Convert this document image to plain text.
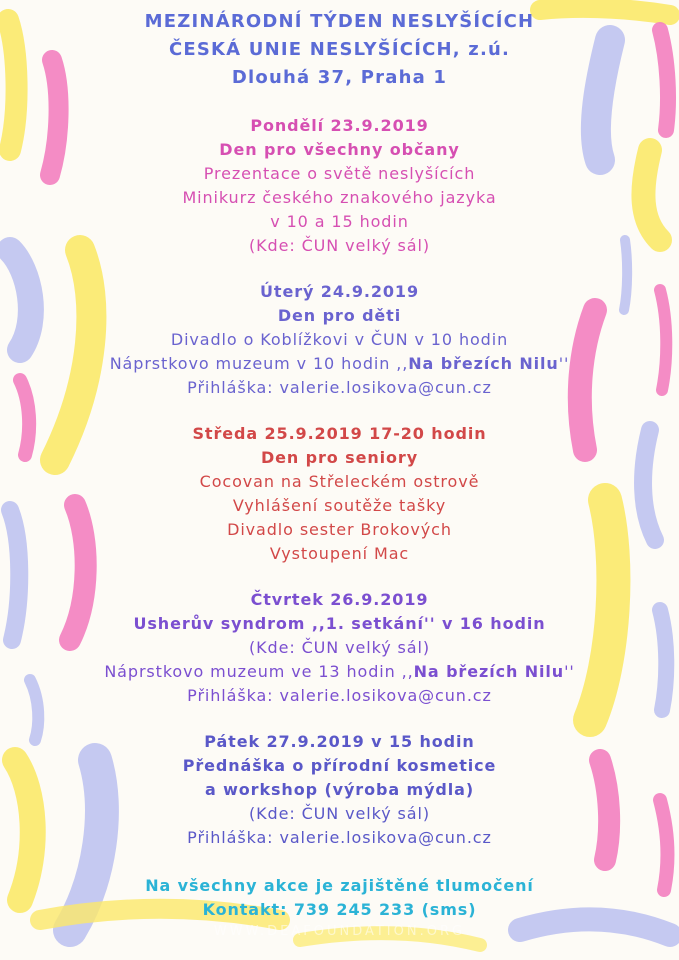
MEZINÁRODNÍ TÝDEN NESLYŠÍCÍCH
ČESKÁ UNIE NESLYŠÍCÍCH, z.ú.
Dlouhá 37, Praha 1
Pondělí 23.9.2019
Den pro všechny občany
Prezentace o světě neslyšících
Minikurz českého znakového jazyka
v 10 a 15 hodin
(Kde: ČUN velký sál)
Úterý 24.9.2019
Den pro děti
Divadlo o Koblížkovi v ČUN v 10 hodin
Náprstkovo muzeum v 10 hodin ,,Na březích Nilu''
Přihláška: valerie.losikova@cun.cz
Středa 25.9.2019 17-20 hodin
Den pro seniory
Cocovan na Střeleckém ostrově
Vyhlášení soutěže tašky
Divadlo sester Brokových
Vystoupení Mac
Čtvrtek 26.9.2019
Usherův syndrom ,,1. setkání'' v 16 hodin
(Kde: ČUN velký sál)
Náprstkovo muzeum ve 13 hodin ,,Na březích Nilu''
Přihláška: valerie.losikova@cun.cz
Pátek 27.9.2019 v 15 hodin
Přednáška o přírodní kosmetice
a workshop (výroba mýdla)
(Kde: ČUN velký sál)
Přihláška: valerie.losikova@cun.cz
Na všechny akce je zajištěné tlumočení
Kontakt: 739 245 233 (sms)
WWW.DEAFOUNDATION.ORG
